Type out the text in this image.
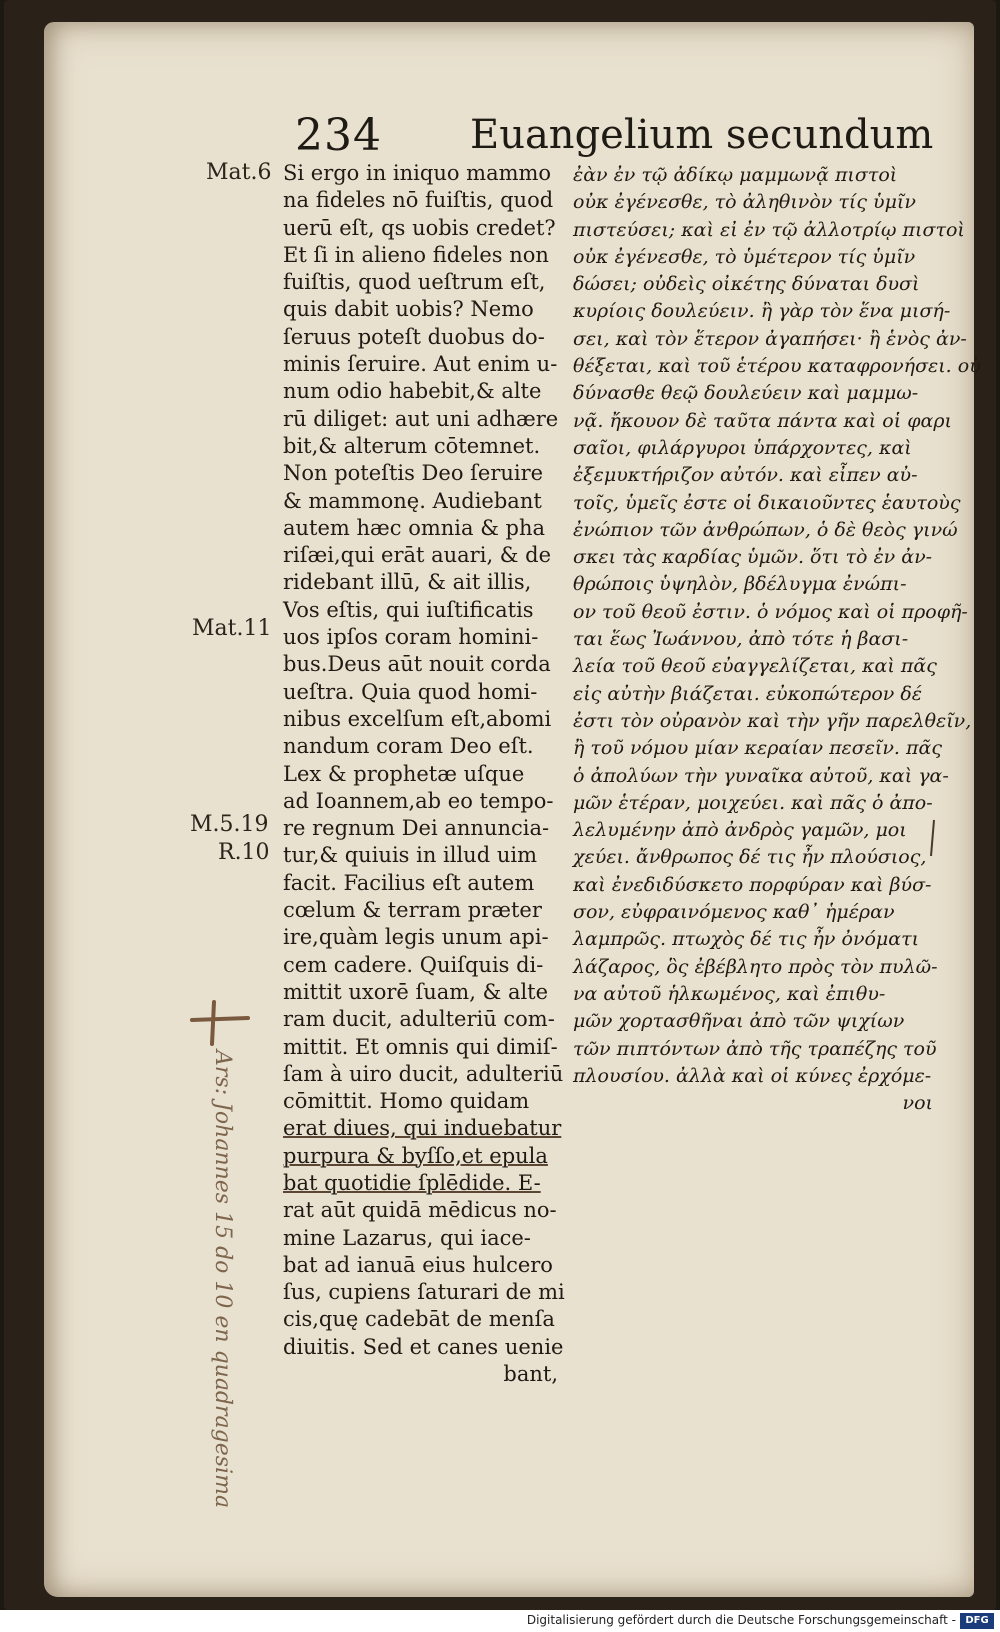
234 Euangelium secundum
Mat.6
Mat.11
M.5.19
R.10
Si ergo in iniquo mammo
na fideles nō fuiſtis, quod
uerū eſt, qs uobis credet?
Et ſi in alieno fideles non
fuiſtis, quod ueſtrum eſt,
quis dabit uobis? Nemo
ſeruus poteſt duobus do-
minis ſeruire. Aut enim u-
num odio habebit,& alte
rū diliget: aut uni adhære
bit,& alterum cōtemnet.
Non poteſtis Deo ſeruire
& mammonę. Audiebant
autem hæc omnia & pha
riſæi,qui erāt auari, & de
ridebant illū, & ait illis,
Vos eſtis, qui iuſtificatis
uos ipſos coram homini-
bus.Deus aūt nouit corda
ueſtra. Quia quod homi-
nibus excelſum eſt,abomi
nandum coram Deo eſt.
Lex & prophetæ uſque
ad Ioannem,ab eo tempo-
re regnum Dei annuncia-
tur,& quiuis in illud uim
facit. Facilius eſt autem
cœlum & terram præter
ire,quàm legis unum api-
cem cadere. Quiſquis di-
mittit uxorē ſuam, & alte
ram ducit, adulteriū com-
mittit. Et omnis qui dimiſ-
ſam à uiro ducit, adulteriū
cōmittit. Homo quidam
erat diues, qui induebatur
purpura & byſſo,et epula
bat quotidie ſplēdide. E-
rat aūt quidā mēdicus no-
mine Lazarus, qui iace-
bat ad ianuā eius hulcero
ſus, cupiens ſaturari de mi
cis,quę cadebāt de menſa
diuitis. Sed et canes uenie
bant,
ἐὰν ἐν τῷ ἀδίκῳ μαμμωνᾷ πιστοὶ
οὐκ ἐγένεσθε, τὸ ἀληθινὸν τίς ὑμῖν
πιστεύσει; καὶ εἰ ἐν τῷ ἀλλοτρίῳ πιστοὶ
οὐκ ἐγένεσθε, τὸ ὑμέτερον τίς ὑμῖν
δώσει; οὐδεὶς οἰκέτης δύναται δυσὶ
κυρίοις δουλεύειν. ἢ γὰρ τὸν ἕνα μισή-
σει, καὶ τὸν ἕτερον ἀγαπήσει· ἢ ἑνὸς ἀν-
θέξεται, καὶ τοῦ ἑτέρου καταφρονήσει. οὐ
δύνασθε θεῷ δουλεύειν καὶ μαμμω-
νᾷ. ἤκουον δὲ ταῦτα πάντα καὶ οἱ φαρι
σαῖοι, φιλάργυροι ὑπάρχοντες, καὶ
ἐξεμυκτήριζον αὐτόν. καὶ εἶπεν αὐ-
τοῖς, ὑμεῖς ἐστε οἱ δικαιοῦντες ἑαυτοὺς
ἐνώπιον τῶν ἀνθρώπων, ὁ δὲ θεὸς γινώ
σκει τὰς καρδίας ὑμῶν. ὅτι τὸ ἐν ἀν-
θρώποις ὑψηλὸν, βδέλυγμα ἐνώπι-
ον τοῦ θεοῦ ἐστιν. ὁ νόμος καὶ οἱ προφῆ-
ται ἕως Ἰωάννου, ἀπὸ τότε ἡ βασι-
λεία τοῦ θεοῦ εὐαγγελίζεται, καὶ πᾶς
εἰς αὐτὴν βιάζεται. εὐκοπώτερον δέ
ἐστι τὸν οὐρανὸν καὶ τὴν γῆν παρελθεῖν,
ἢ τοῦ νόμου μίαν κεραίαν πεσεῖν. πᾶς
ὁ ἀπολύων τὴν γυναῖκα αὐτοῦ, καὶ γα-
μῶν ἑτέραν, μοιχεύει. καὶ πᾶς ὁ ἀπο-
λελυμένην ἀπὸ ἀνδρὸς γαμῶν, μοι
χεύει. ἄνθρωπος δέ τις ἦν πλούσιος,
καὶ ἐνεδιδύσκετο πορφύραν καὶ βύσ-
σον, εὐφραινόμενος καθ᾽ ἡμέραν
λαμπρῶς. πτωχὸς δέ τις ἦν ὀνόματι
λάζαρος, ὃς ἐβέβλητο πρὸς τὸν πυλῶ-
να αὐτοῦ ἡλκωμένος, καὶ ἐπιθυ-
μῶν χορτασθῆναι ἀπὸ τῶν ψιχίων
τῶν πιπτόντων ἀπὸ τῆς τραπέζης τοῦ
πλουσίου. ἀλλὰ καὶ οἱ κύνες ἐρχόμε-
νοι
Ars: Johannes 15 do 10 en quadragesima
Digitalisierung gefördert durch die Deutsche Forschungsgemeinschaft - DFG
